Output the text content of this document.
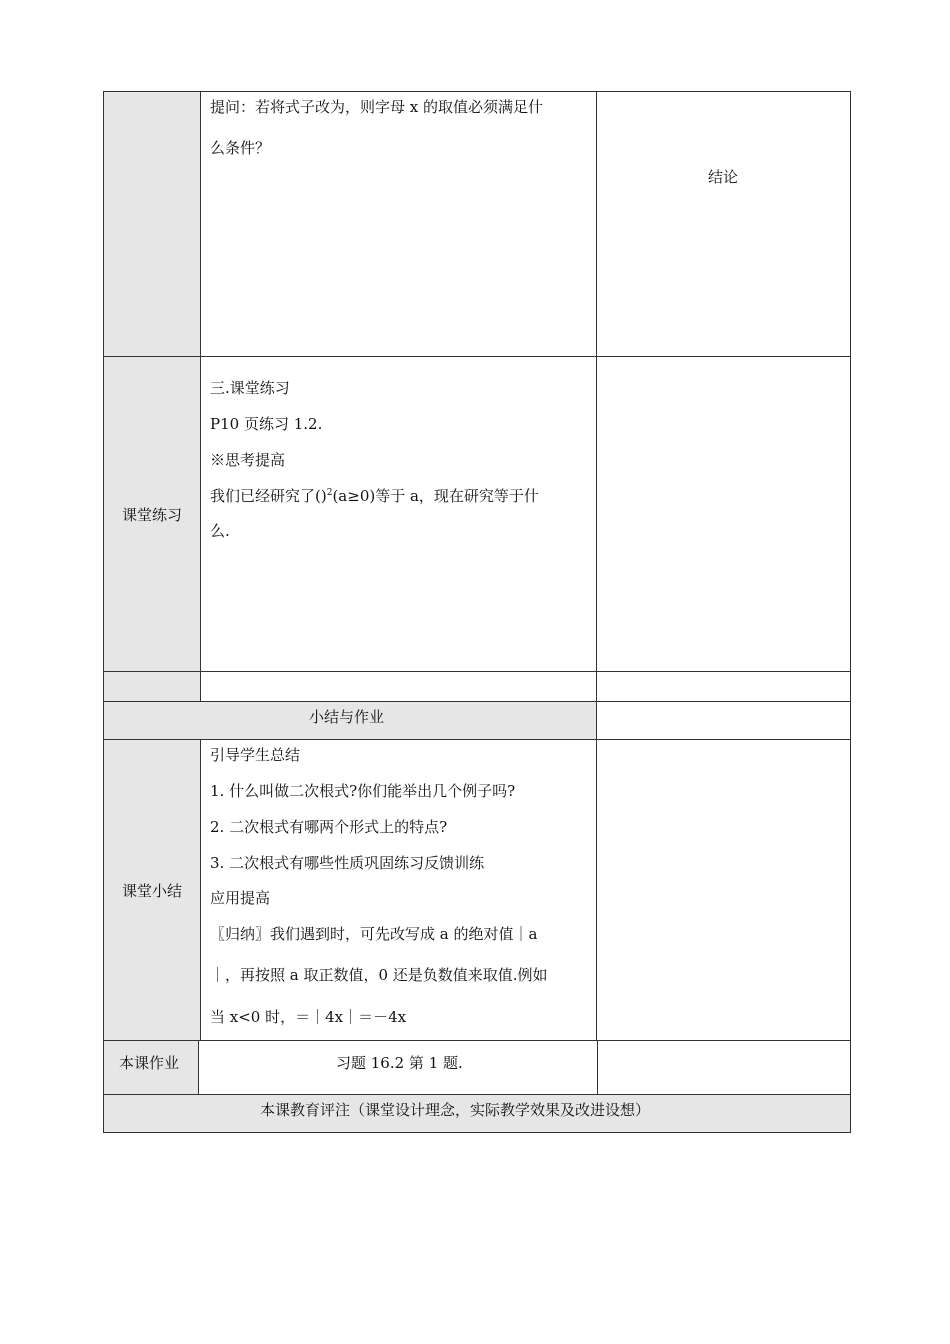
提问：若将式子改为，则字母 x 的取值必须满足什
么条件？
结论
课堂练习
三.课堂练习
P10 页练习 1.2.
※思考提高
我们已经研究了()$^2$(a≥0)等于 a，现在研究等于什
么.
小结与作业
课堂小结
引导学生总结
1. 什么叫做二次根式?你们能举出几个例子吗?
2. 二次根式有哪两个形式上的特点?
3. 二次根式有哪些性质巩固练习反馈训练
应用提高
〖归纳〗我们遇到时，可先改写成 a 的绝对值｜a
｜，再按照 a 取正数值，0 还是负数值来取值.例如
当 x<0 时，＝｜4x｜＝－4x
本课作业	习题 16.2 第 1 题.
本课教育评注（课堂设计理念，实际教学效果及改进设想）
